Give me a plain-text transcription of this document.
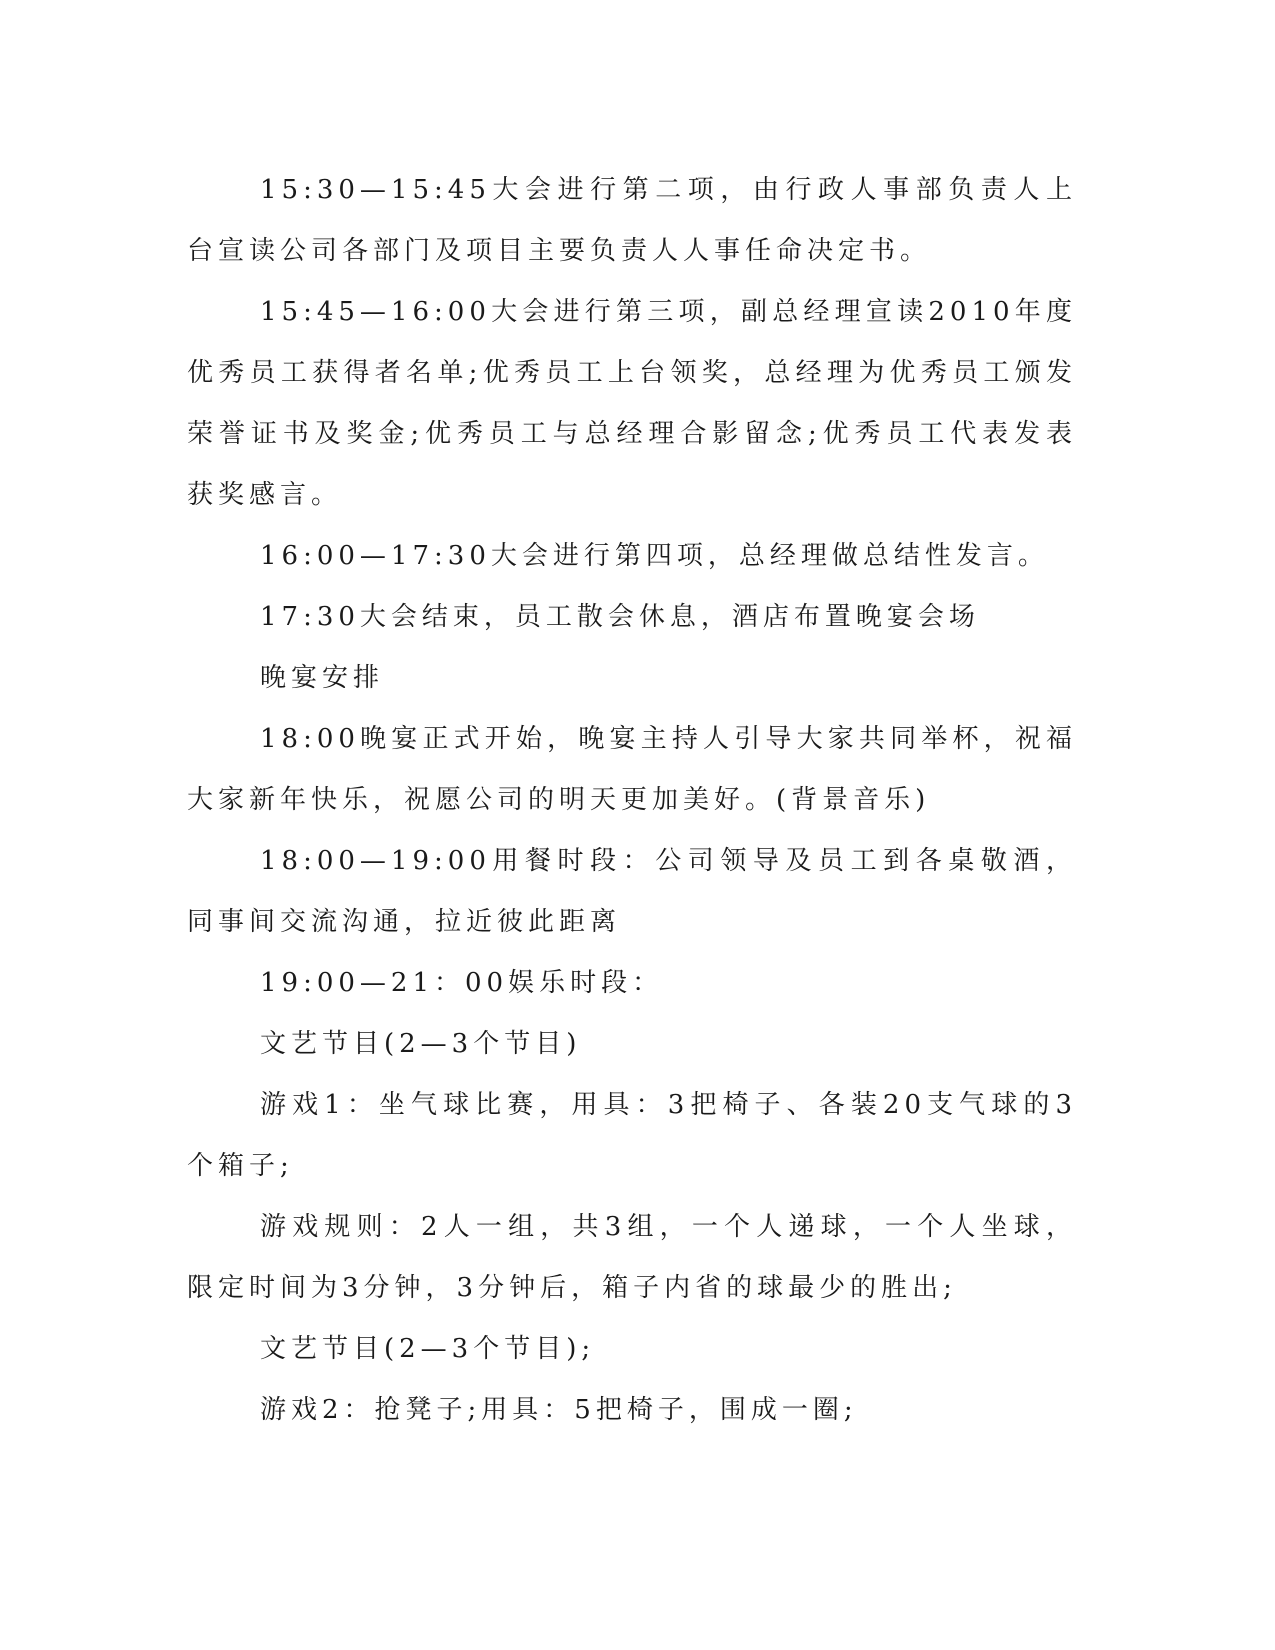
15:30—15:45大会进行第二项，由行政人事部负责人上台宣读公司各部门及项目主要负责人人事任命决定书。

15:45—16:00大会进行第三项，副总经理宣读2010年度优秀员工获得者名单;优秀员工上台领奖，总经理为优秀员工颁发荣誉证书及奖金;优秀员工与总经理合影留念;优秀员工代表发表获奖感言。

16:00—17:30大会进行第四项，总经理做总结性发言。

17:30大会结束，员工散会休息，酒店布置晚宴会场

晚宴安排

18:00晚宴正式开始，晚宴主持人引导大家共同举杯，祝福大家新年快乐，祝愿公司的明天更加美好。(背景音乐)

18:00—19:00用餐时段：公司领导及员工到各桌敬酒，同事间交流沟通，拉近彼此距离

19:00—21：00娱乐时段：

文艺节目(2—3个节目)

游戏1：坐气球比赛，用具：3把椅子、各装20支气球的3个箱子;

游戏规则：2人一组，共3组，一个人递球，一个人坐球，限定时间为3分钟，3分钟后，箱子内省的球最少的胜出;

文艺节目(2—3个节目);

游戏2：抢凳子;用具：5把椅子，围成一圈;
